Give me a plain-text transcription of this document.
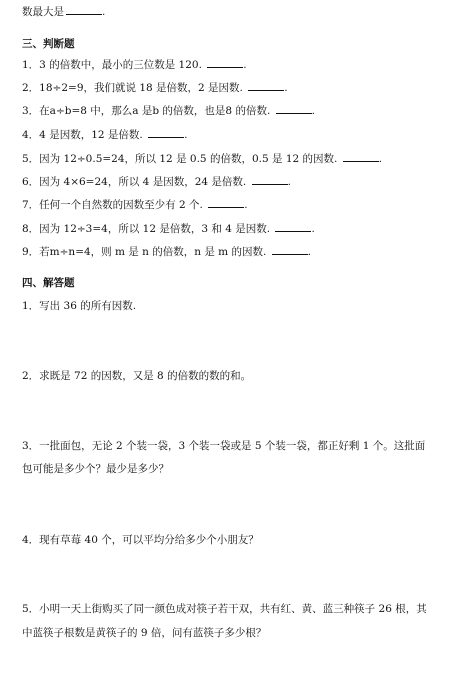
数最大是	.
三、判断题
1．3 的倍数中，最小的三位数是 120.	.
2．18÷2=9，我们就说 18 是倍数，2 是因数.	.
3．在a÷b=8 中，那么a 是b 的倍数，也是8 的倍数.	.
4．4 是因数，12 是倍数.	.
5．因为 12÷0.5=24，所以 12 是 0.5 的倍数，0.5 是 12 的因数.	.
6．因为 4×6=24，所以 4 是因数，24 是倍数.	.
7．任何一个自然数的因数至少有 2 个.	.
8．因为 12÷3=4，所以 12 是倍数，3 和 4 是因数.	.
9．若m÷n=4，则 m 是 n 的倍数，n 是 m 的因数.	.
四、解答题
1．写出 36 的所有因数.
2．求既是 72 的因数，又是 8 的倍数的数的和。
3．一批面包，无论 2 个装一袋，3 个装一袋或是 5 个装一袋，都正好剩 1 个。这批面
包可能是多少个？最少是多少？
4．现有草莓 40 个，可以平均分给多少个小朋友？
5．小明一天上街购买了同一颜色成对筷子若干双，共有红、黄、蓝三种筷子 26 根，其
中蓝筷子根数是黄筷子的 9 倍，问有蓝筷子多少根？
